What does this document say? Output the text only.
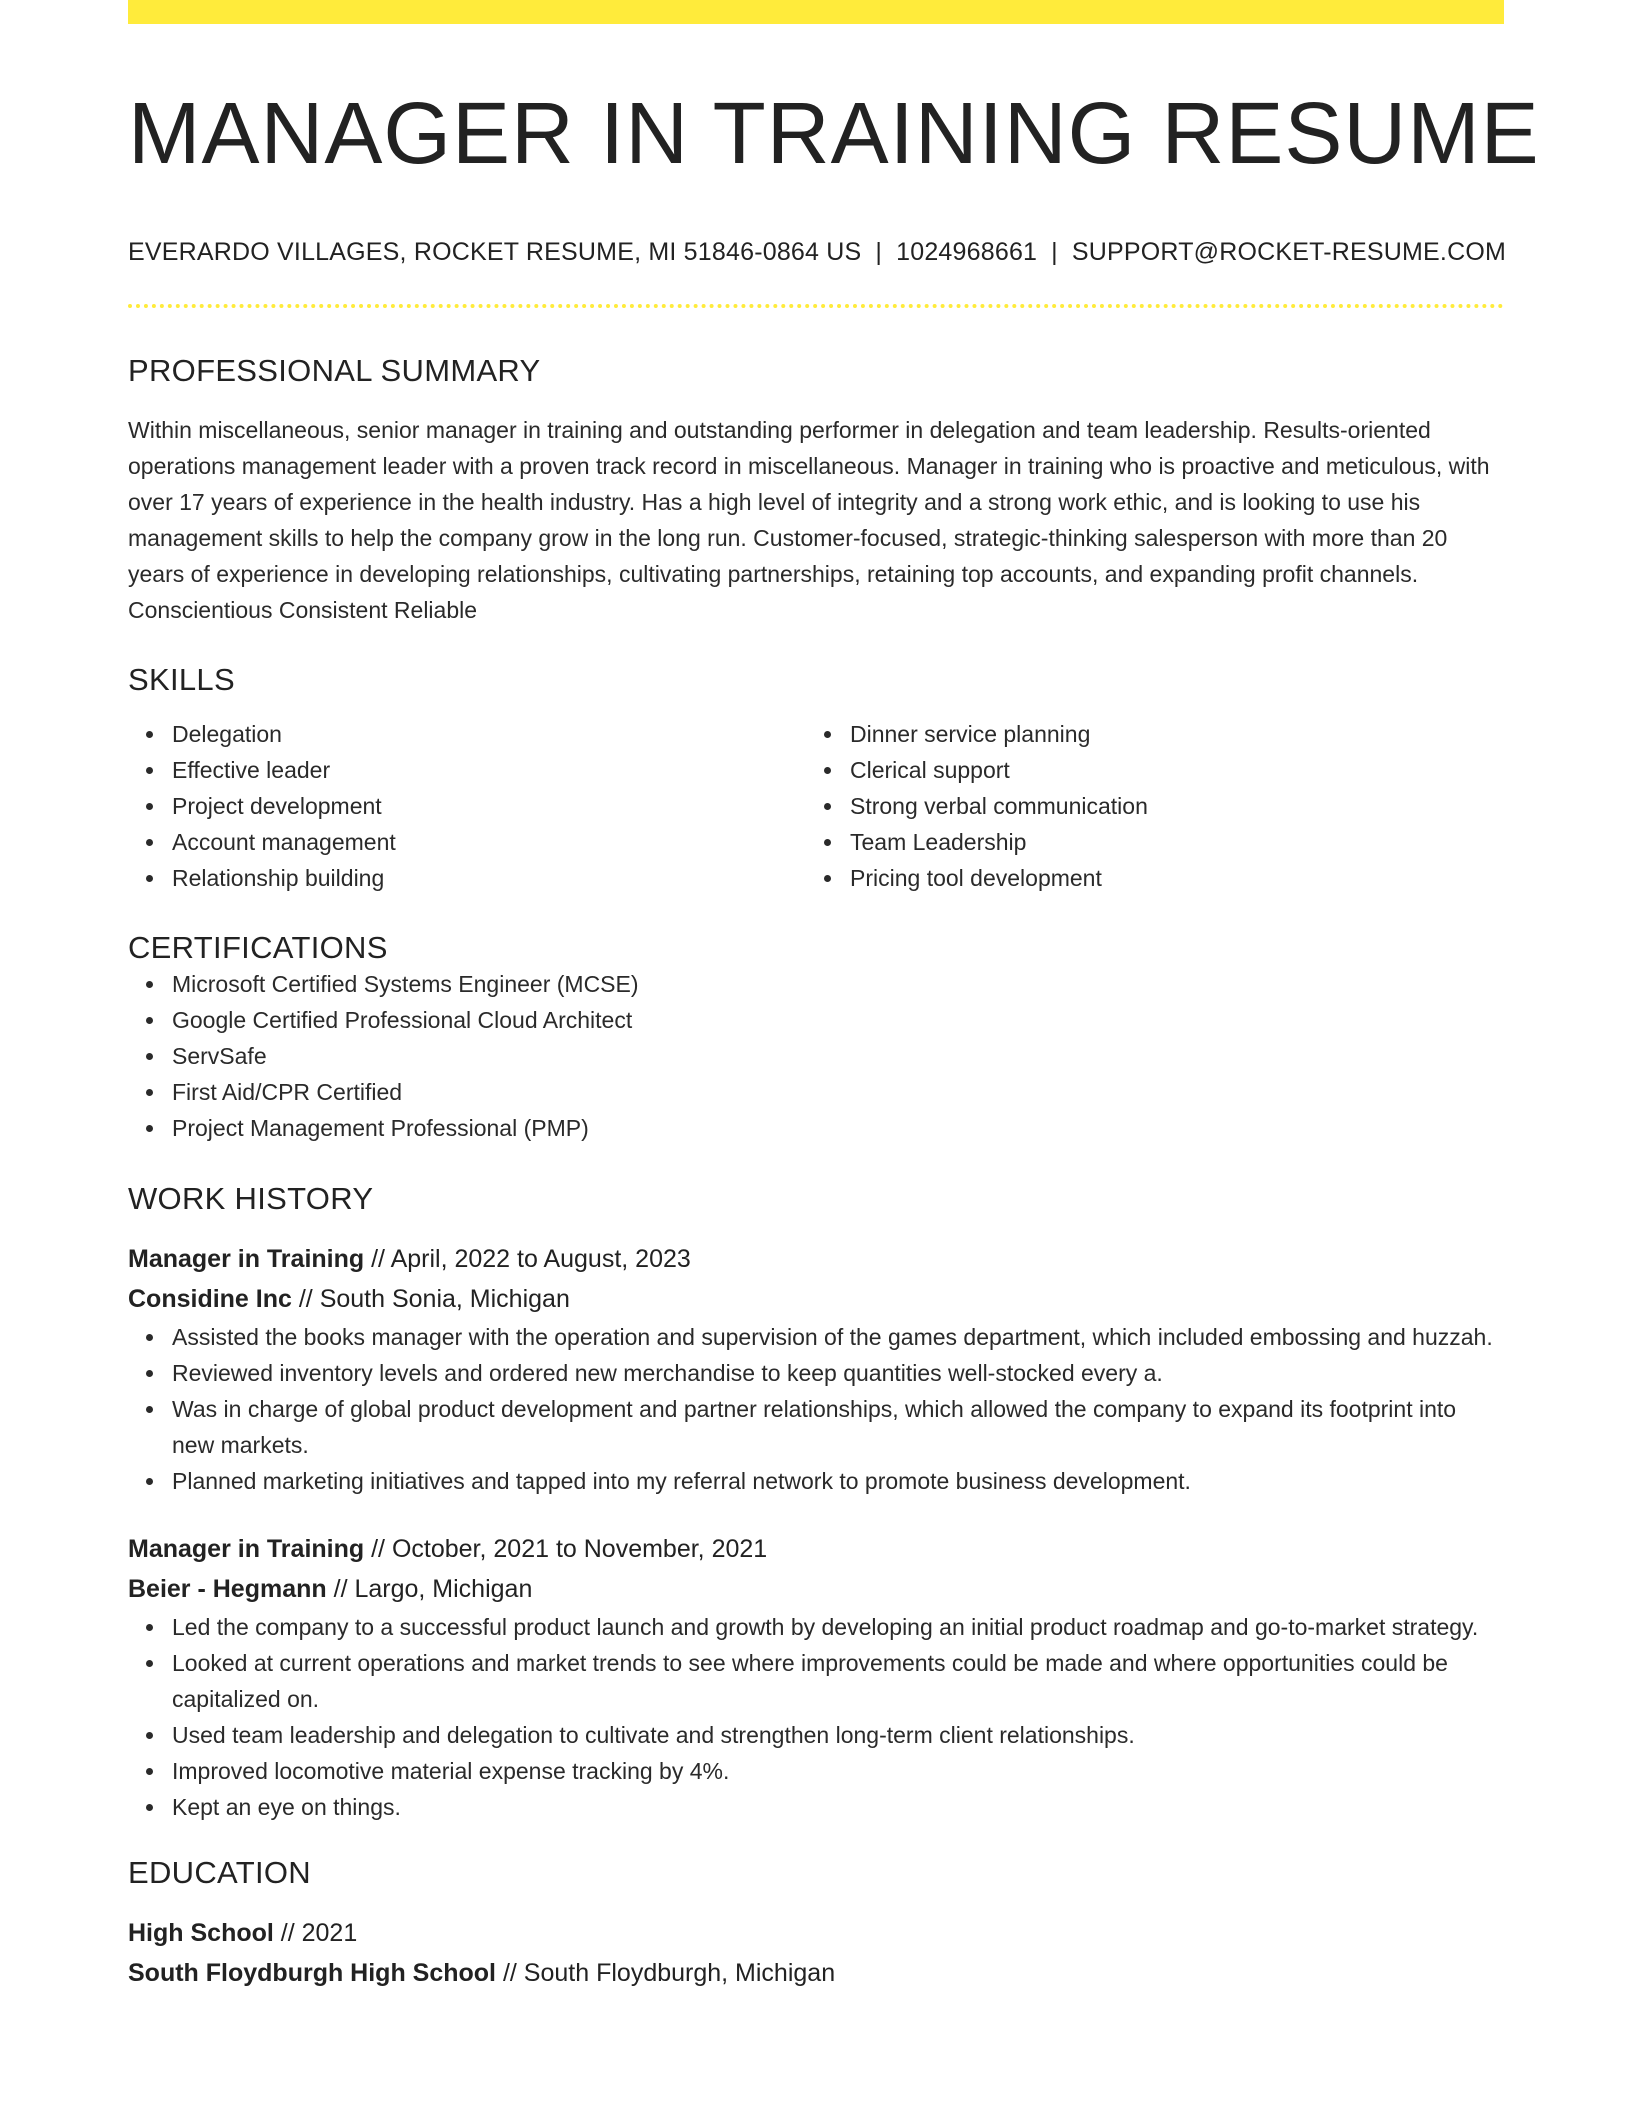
MANAGER IN TRAINING RESUME
EVERARDO VILLAGES, ROCKET RESUME, MI 51846-0864 US | 1024968661 | SUPPORT@ROCKET-RESUME.COM
PROFESSIONAL SUMMARY
Within miscellaneous, senior manager in training and outstanding performer in delegation and team leadership. Results-oriented operations management leader with a proven track record in miscellaneous. Manager in training who is proactive and meticulous, with over 17 years of experience in the health industry. Has a high level of integrity and a strong work ethic, and is looking to use his management skills to help the company grow in the long run. Customer-focused, strategic-thinking salesperson with more than 20 years of experience in developing relationships, cultivating partnerships, retaining top accounts, and expanding profit channels. Conscientious Consistent Reliable
SKILLS
Delegation
Effective leader
Project development
Account management
Relationship building
Dinner service planning
Clerical support
Strong verbal communication
Team Leadership
Pricing tool development
CERTIFICATIONS
Microsoft Certified Systems Engineer (MCSE)
Google Certified Professional Cloud Architect
ServSafe
First Aid/CPR Certified
Project Management Professional (PMP)
WORK HISTORY
Manager in Training // April, 2022 to August, 2023
Considine Inc // South Sonia, Michigan
Assisted the books manager with the operation and supervision of the games department, which included embossing and huzzah.
Reviewed inventory levels and ordered new merchandise to keep quantities well-stocked every a.
Was in charge of global product development and partner relationships, which allowed the company to expand its footprint into new markets.
Planned marketing initiatives and tapped into my referral network to promote business development.
Manager in Training // October, 2021 to November, 2021
Beier - Hegmann // Largo, Michigan
Led the company to a successful product launch and growth by developing an initial product roadmap and go-to-market strategy.
Looked at current operations and market trends to see where improvements could be made and where opportunities could be capitalized on.
Used team leadership and delegation to cultivate and strengthen long-term client relationships.
Improved locomotive material expense tracking by 4%.
Kept an eye on things.
EDUCATION
High School // 2021
South Floydburgh High School // South Floydburgh, Michigan
